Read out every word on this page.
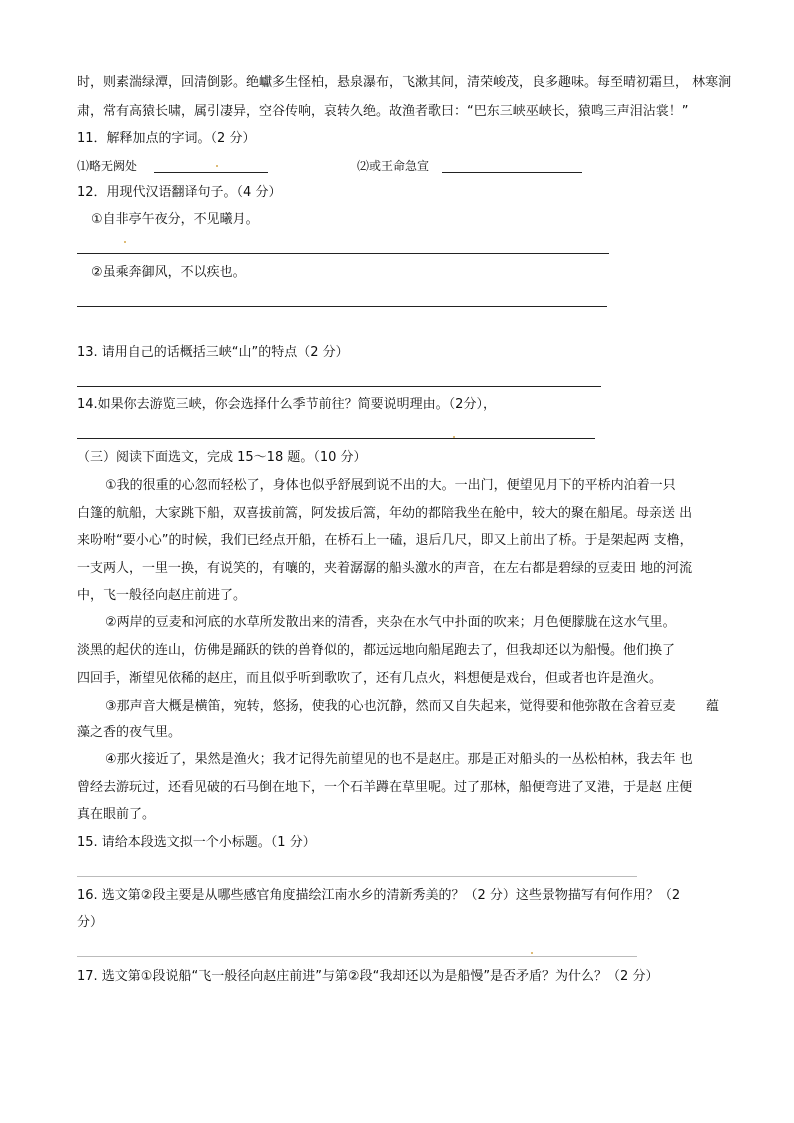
时，则素湍绿潭，回清倒影。绝巘多生怪柏，悬泉瀑布，飞漱其间，清荣峻茂，良多趣味。每至晴初霜旦， 林寒涧
肃，常有高猿长啸，属引凄异，空谷传响，哀转久绝。故渔者歌曰：“巴东三峡巫峡长，猿鸣三声泪沾裳！”
11．解释加点的字词。（2 分）
⑴略无阙处	⑵或王命急宣
12．用现代汉语翻译句子。（4 分）
①自非亭午夜分，不见曦月。
②虽乘奔御风，不以疾也。
13. 请用自己的话概括三峡“山”的特点（2 分）
14.如果你去游览三峡，你会选择什么季节前往？简要说明理由。（2分），
（三）阅读下面选文，完成 15～18 题。（10 分）
①我的很重的心忽而轻松了，身体也似乎舒展到说不出的大。一出门，便望见月下的平桥内泊着一只
白篷的航船，大家跳下船，双喜拔前篙，阿发拔后篙，年幼的都陪我坐在舱中，较大的聚在船尾。母亲送 出
来吩咐“要小心”的时候，我们已经点开船，在桥石上一磕，退后几尺，即又上前出了桥。于是架起两 支橹，
一支两人，一里一换，有说笑的，有嚷的，夹着潺潺的船头激水的声音，在左右都是碧绿的豆麦田 地的河流
中，飞一般径向赵庄前进了。
②两岸的豆麦和河底的水草所发散出来的清香，夹杂在水气中扑面的吹来；月色便朦胧在这水气里。
淡黑的起伏的连山，仿佛是踊跃的铁的兽脊似的，都远远地向船尾跑去了，但我却还以为船慢。他们换了
四回手，渐望见依稀的赵庄，而且似乎听到歌吹了，还有几点火，料想便是戏台，但或者也许是渔火。
③那声音大概是横笛，宛转，悠扬，使我的心也沉静，然而又自失起来，觉得要和他弥散在含着豆麦 蕴
藻之香的夜气里。
④那火接近了，果然是渔火；我才记得先前望见的也不是赵庄。那是正对船头的一丛松柏林，我去年 也
曾经去游玩过，还看见破的石马倒在地下，一个石羊蹲在草里呢。过了那林，船便弯进了叉港，于是赵 庄便
真在眼前了。
15. 请给本段选文拟一个小标题。（1 分）
16. 选文第②段主要是从哪些感官角度描绘江南水乡的清新秀美的？（2 分）这些景物描写有何作用？（2
分）
17. 选文第①段说船“飞一般径向赵庄前进”与第②段“我却还以为是船慢”是否矛盾？为什么？（2 分）
